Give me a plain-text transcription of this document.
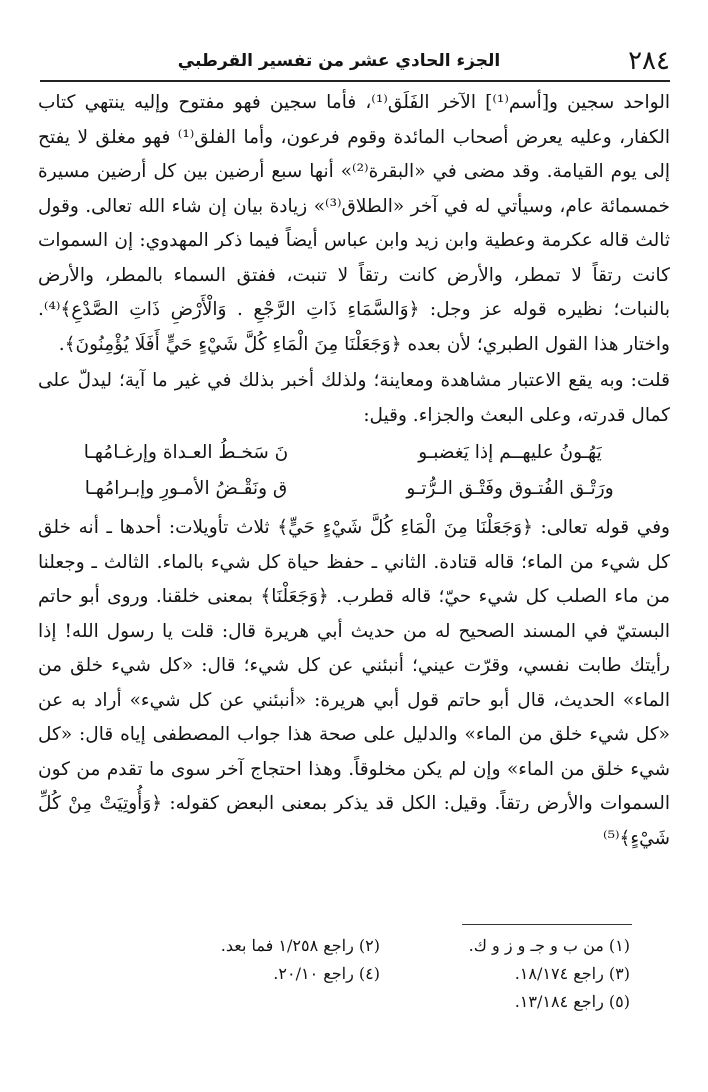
٢٨٤
الجزء الحادي عشر من تفسير القرطبي

الواحد سجين و[أسم⁽¹⁾] الآخر الفَلَق⁽¹⁾، فأما سجين فهو مفتوح وإليه ينتهي كتاب الكفار، وعليه يعرض أصحاب المائدة وقوم فرعون، وأما الفلق⁽¹⁾ فهو مغلق لا يفتح إلى يوم القيامة. وقد مضى في «البقرة⁽²⁾» أنها سبع أرضين بين كل أرضين مسيرة خمسمائة عام، وسيأتي له في آخر «الطلاق⁽³⁾» زيادة بيان إن شاء الله تعالى. وقول ثالث قاله عكرمة وعطية وابن زيد وابن عباس أيضاً فيما ذكر المهدوي: إن السموات كانت رتقاً لا تمطر، والأرض كانت رتقاً لا تنبت، ففتق السماء بالمطر، والأرض بالنبات؛ نظيره قوله عز وجل: ﴿وَالسَّمَاءِ ذَاتِ الرَّجْعِ . وَالْأَرْضِ ذَاتِ الصَّدْعِ﴾⁽⁴⁾. واختار هذا القول الطبري؛ لأن بعده ﴿وَجَعَلْنَا مِنَ الْمَاءِ كُلَّ شَيْءٍ حَيٍّ أَفَلَا يُؤْمِنُونَ﴾.

قلت: وبه يقع الاعتبار مشاهدة ومعاينة؛ ولذلك أخبر بذلك في غير ما آية؛ ليدلّ على كمال قدرته، وعلى البعث والجزاء. وقيل:

يَهُـونُ عليهــم إذا يَغضبـو
نَ سَخـطُ العـداة وإرغـامُهـا
ورَتْـق الفُتـوق وفَتْـق الـرُّتـو
ق ونَقْـضُ الأمـورِ وإبـرامُهـا

وفي قوله تعالى: ﴿وَجَعَلْنَا مِنَ الْمَاءِ كُلَّ شَيْءٍ حَيٍّ﴾ ثلاث تأويلات: أحدها ـ أنه خلق كل شيء من الماء؛ قاله قتادة. الثاني ـ حفظ حياة كل شيء بالماء. الثالث ـ وجعلنا من ماء الصلب كل شيء حيّ؛ قاله قطرب. ﴿وَجَعَلْنَا﴾ بمعنى خلقنا. وروى أبو حاتم البستيّ في المسند الصحيح له من حديث أبي هريرة قال: قلت يا رسول الله! إذا رأيتك طابت نفسي، وقرّت عيني؛ أنبئني عن كل شيء؛ قال: «كل شيء خلق من الماء» الحديث، قال أبو حاتم قول أبي هريرة: «أنبئني عن كل شيء» أراد به عن «كل شيء خلق من الماء» والدليل على صحة هذا جواب المصطفى إياه قال: «كل شيء خلق من الماء» وإن لم يكن مخلوقاً. وهذا احتجاج آخر سوى ما تقدم من كون السموات والأرض رتقاً. وقيل: الكل قد يذكر بمعنى البعض كقوله: ﴿وَأُوتِيَتْ مِنْ كُلِّ شَيْءٍ﴾⁽⁵⁾

(١) من ب و جـ و ز و ك.
(٢) راجع ١/٢٥٨ فما بعد.
(٣) راجع ١٨/١٧٤.
(٤) راجع ٢٠/١٠.
(٥) راجع ١٣/١٨٤.
